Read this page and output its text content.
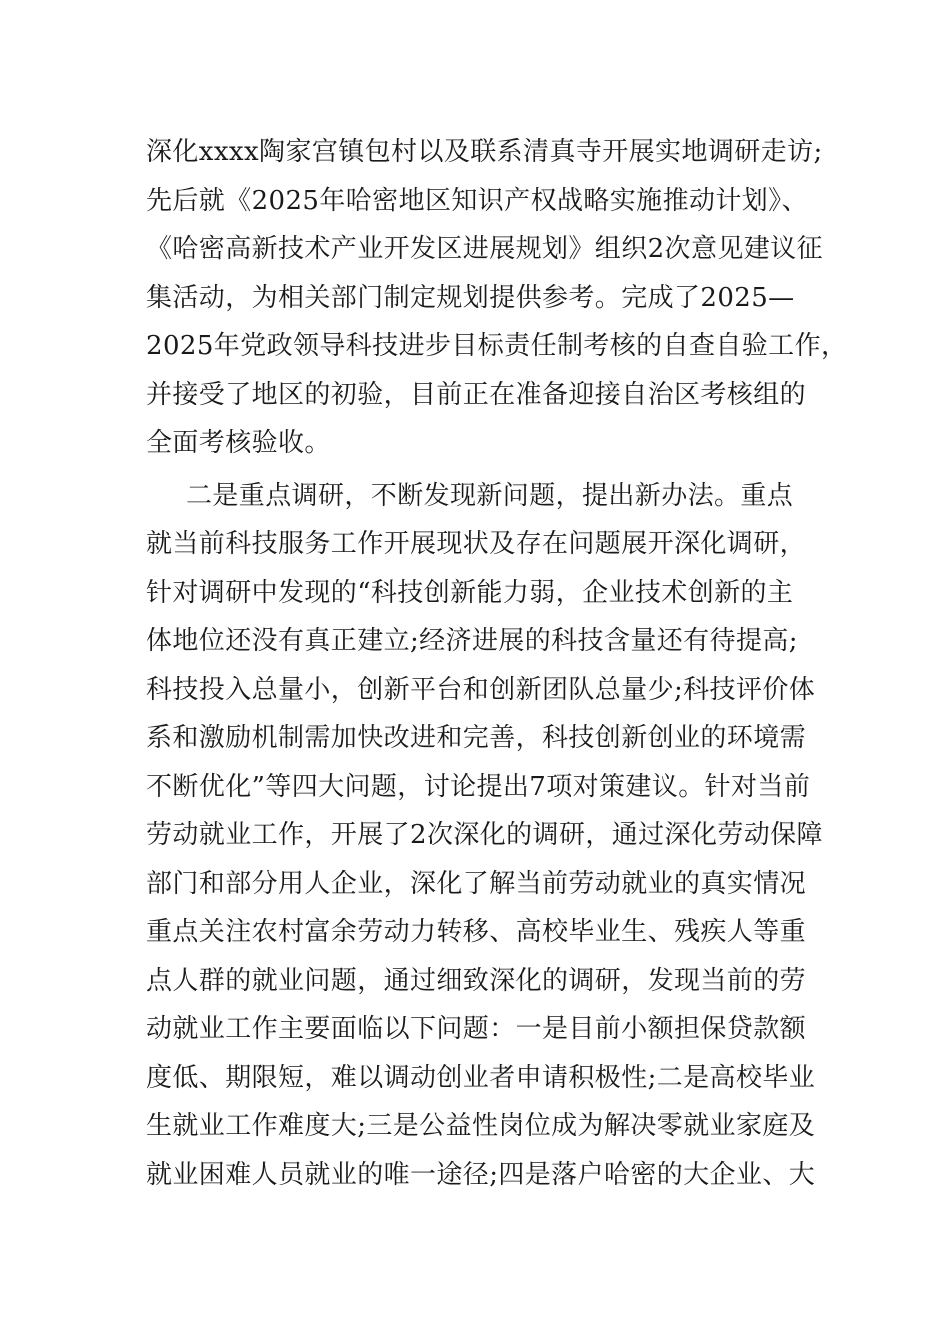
深化xxxx陶家宫镇包村以及联系清真寺开展实地调研走访;
先后就《2025年哈密地区知识产权战略实施推动计划》、
《哈密高新技术产业开发区进展规划》组织2次意见建议征
集活动，为相关部门制定规划提供参考。完成了2025—
2025年党政领导科技进步目标责任制考核的自查自验工作，
并接受了地区的初验，目前正在准备迎接自治区考核组的
全面考核验收。
二是重点调研，不断发现新问题，提出新办法。重点
就当前科技服务工作开展现状及存在问题展开深化调研，
针对调研中发现的“科技创新能力弱，企业技术创新的主
体地位还没有真正建立;经济进展的科技含量还有待提高;
科技投入总量小，创新平台和创新团队总量少;科技评价体
系和激励机制需加快改进和完善，科技创新创业的环境需
不断优化”等四大问题，讨论提出7项对策建议。针对当前
劳动就业工作，开展了2次深化的调研，通过深化劳动保障
部门和部分用人企业，深化了解当前劳动就业的真实情况
重点关注农村富余劳动力转移、高校毕业生、残疾人等重
点人群的就业问题，通过细致深化的调研，发现当前的劳
动就业工作主要面临以下问题：一是目前小额担保贷款额
度低、期限短，难以调动创业者申请积极性;二是高校毕业
生就业工作难度大;三是公益性岗位成为解决零就业家庭及
就业困难人员就业的唯一途径;四是落户哈密的大企业、大
